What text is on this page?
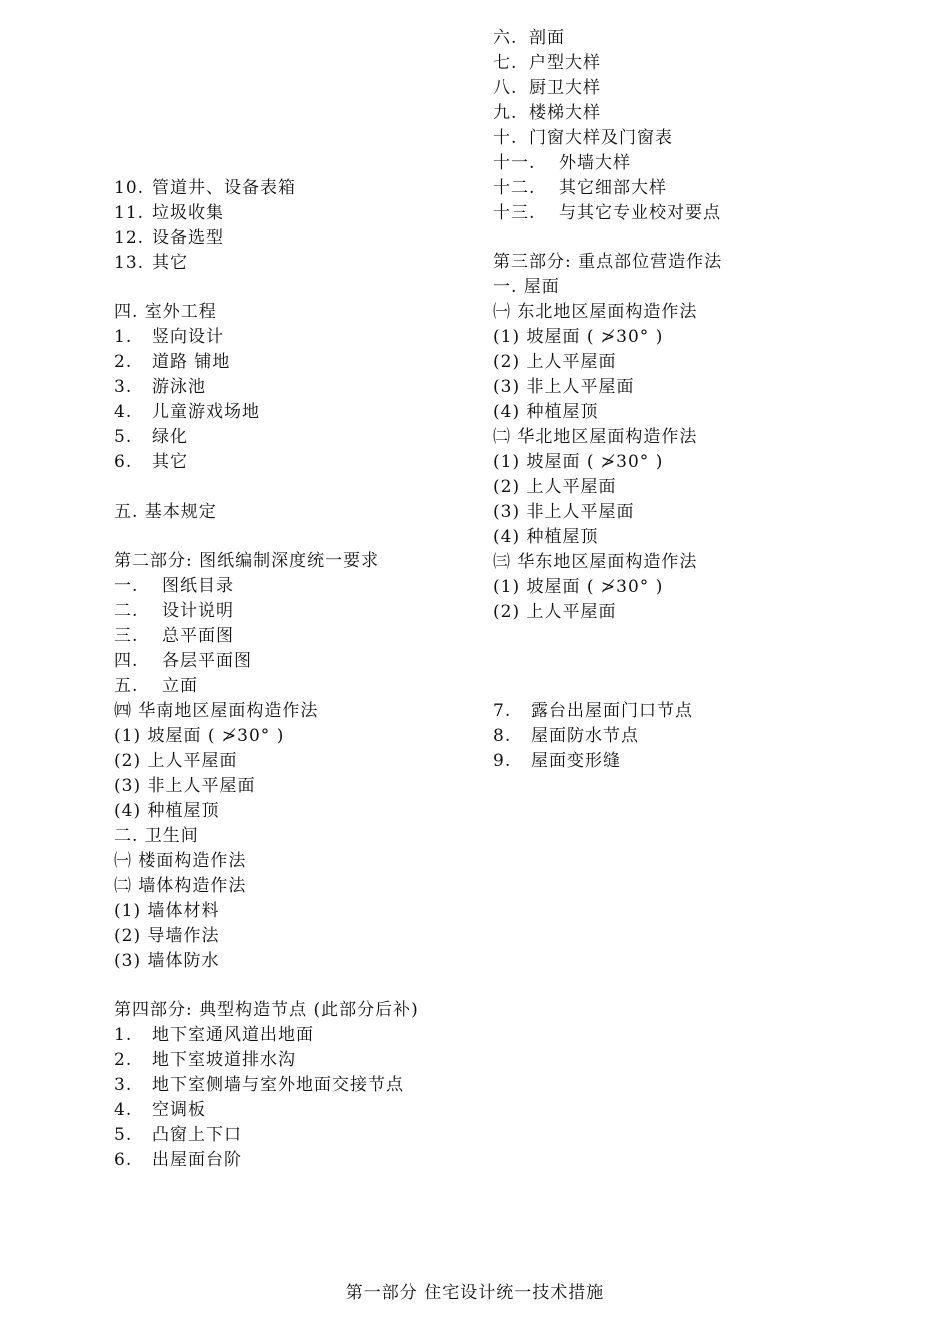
六. 剖面
七. 户型大样
八. 厨卫大样
九. 楼梯大样
十. 门窗大样及门窗表
十一. 外墙大样
十二. 其它细部大样
十三. 与其它专业校对要点
10. 管道井、设备表箱
11. 垃圾收集
12. 设备选型
13. 其它
四. 室外工程
1. 竖向设计
2. 道路 铺地
3. 游泳池
4. 儿童游戏场地
5. 绿化
6. 其它
五. 基本规定
第二部分: 图纸编制深度统一要求
一. 图纸目录
二. 设计说明
三. 总平面图
四. 各层平面图
五. 立面
第三部分: 重点部位营造作法
一. 屋面
㈠ 东北地区屋面构造作法
(1) 坡屋面 ( ≯30° )
(2) 上人平屋面
(3) 非上人平屋面
(4) 种植屋顶
㈡ 华北地区屋面构造作法
(1) 坡屋面 ( ≯30° )
(2) 上人平屋面
(3) 非上人平屋面
(4) 种植屋顶
㈢ 华东地区屋面构造作法
(1) 坡屋面 ( ≯30° )
(2) 上人平屋面
㈣ 华南地区屋面构造作法
(1) 坡屋面 ( ≯30° )
(2) 上人平屋面
(3) 非上人平屋面
(4) 种植屋顶
二. 卫生间
㈠ 楼面构造作法
㈡ 墙体构造作法
(1) 墙体材料
(2) 导墙作法
(3) 墙体防水
7. 露台出屋面门口节点
8. 屋面防水节点
9. 屋面变形缝
第四部分: 典型构造节点 (此部分后补)
1. 地下室通风道出地面
2. 地下室坡道排水沟
3. 地下室侧墙与室外地面交接节点
4. 空调板
5. 凸窗上下口
6. 出屋面台阶
第一部分 住宅设计统一技术措施
